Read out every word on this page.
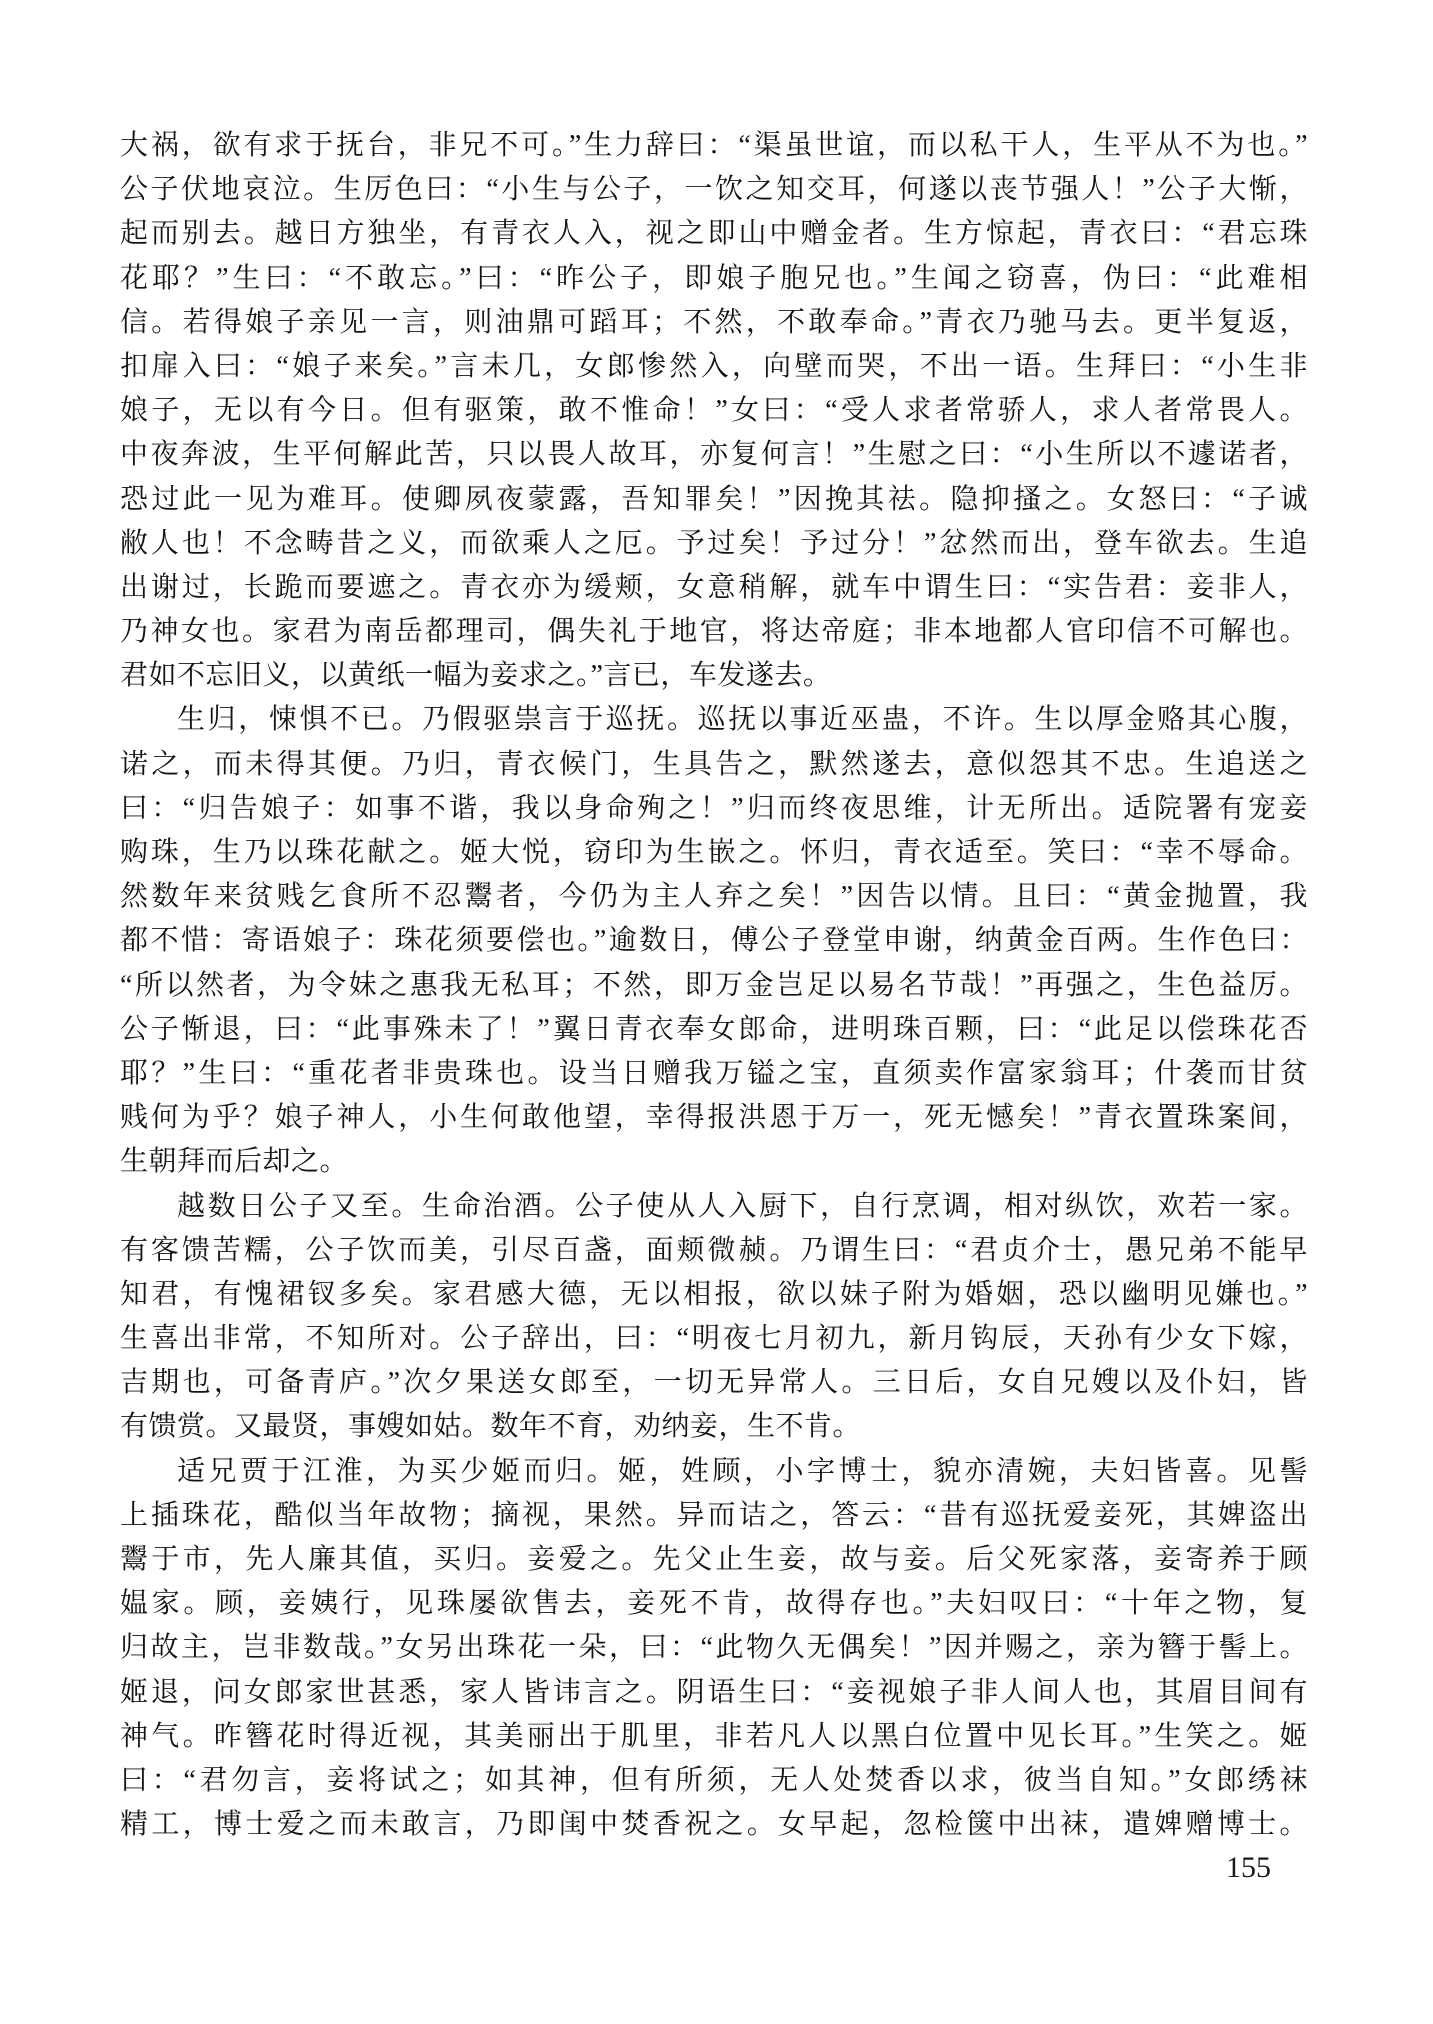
大祸，欲有求于抚台，非兄不可。”生力辞曰：“渠虽世谊，而以私干人，生平从不为也。”
公子伏地哀泣。生厉色曰：“小生与公子，一饮之知交耳，何遂以丧节强人！”公子大惭，
起而别去。越日方独坐，有青衣人入，视之即山中赠金者。生方惊起，青衣曰：“君忘珠
花耶？”生曰：“不敢忘。”曰：“昨公子，即娘子胞兄也。”生闻之窃喜，伪曰：“此难相
信。若得娘子亲见一言，则油鼎可蹈耳；不然，不敢奉命。”青衣乃驰马去。更半复返，
扣扉入曰：“娘子来矣。”言未几，女郎惨然入，向壁而哭，不出一语。生拜曰：“小生非
娘子，无以有今日。但有驱策，敢不惟命！”女曰：“受人求者常骄人，求人者常畏人。
中夜奔波，生平何解此苦，只以畏人故耳，亦复何言！”生慰之曰：“小生所以不遽诺者，
恐过此一见为难耳。使卿夙夜蒙露，吾知罪矣！”因挽其祛。隐抑搔之。女怒曰：“子诚
敝人也！不念畴昔之义，而欲乘人之厄。予过矣！予过分！”忿然而出，登车欲去。生追
出谢过，长跪而要遮之。青衣亦为缓颊，女意稍解，就车中谓生曰：“实告君：妾非人，
乃神女也。家君为南岳都理司，偶失礼于地官，将达帝庭；非本地都人官印信不可解也。
君如不忘旧义，以黄纸一幅为妾求之。”言已，车发遂去。
生归，悚惧不已。乃假驱祟言于巡抚。巡抚以事近巫蛊，不许。生以厚金赂其心腹，
诺之，而未得其便。乃归，青衣候门，生具告之，默然遂去，意似怨其不忠。生追送之
曰：“归告娘子：如事不谐，我以身命殉之！”归而终夜思维，计无所出。适院署有宠妾
购珠，生乃以珠花献之。姬大悦，窃印为生嵌之。怀归，青衣适至。笑曰：“幸不辱命。
然数年来贫贱乞食所不忍鬻者，今仍为主人弃之矣！”因告以情。且曰：“黄金抛置，我
都不惜：寄语娘子：珠花须要偿也。”逾数日，傅公子登堂申谢，纳黄金百两。生作色曰：
“所以然者，为令妹之惠我无私耳；不然，即万金岂足以易名节哉！”再强之，生色益厉。
公子惭退，曰：“此事殊未了！”翼日青衣奉女郎命，进明珠百颗，曰：“此足以偿珠花否
耶？”生曰：“重花者非贵珠也。设当日赠我万镒之宝，直须卖作富家翁耳；什袭而甘贫
贱何为乎？娘子神人，小生何敢他望，幸得报洪恩于万一，死无憾矣！”青衣置珠案间，
生朝拜而后却之。
越数日公子又至。生命治酒。公子使从人入厨下，自行烹调，相对纵饮，欢若一家。
有客馈苦糯，公子饮而美，引尽百盏，面颊微赪。乃谓生曰：“君贞介士，愚兄弟不能早
知君，有愧裙钗多矣。家君感大德，无以相报，欲以妹子附为婚姻，恐以幽明见嫌也。”
生喜出非常，不知所对。公子辞出，曰：“明夜七月初九，新月钩辰，天孙有少女下嫁，
吉期也，可备青庐。”次夕果送女郎至，一切无异常人。三日后，女自兄嫂以及仆妇，皆
有馈赏。又最贤，事嫂如姑。数年不育，劝纳妾，生不肯。
适兄贾于江淮，为买少姬而归。姬，姓顾，小字博士，貌亦清婉，夫妇皆喜。见髻
上插珠花，酷似当年故物；摘视，果然。异而诘之，答云：“昔有巡抚爱妾死，其婢盗出
鬻于市，先人廉其值，买归。妾爱之。先父止生妾，故与妾。后父死家落，妾寄养于顾
媪家。顾，妾姨行，见珠屡欲售去，妾死不肯，故得存也。”夫妇叹曰：“十年之物，复
归故主，岂非数哉。”女另出珠花一朵，曰：“此物久无偶矣！”因并赐之，亲为簪于髻上。
姬退，问女郎家世甚悉，家人皆讳言之。阴语生曰：“妾视娘子非人间人也，其眉目间有
神气。昨簪花时得近视，其美丽出于肌里，非若凡人以黑白位置中见长耳。”生笑之。姬
曰：“君勿言，妾将试之；如其神，但有所须，无人处焚香以求，彼当自知。”女郎绣袜
精工，博士爱之而未敢言，乃即闺中焚香祝之。女早起，忽检箧中出袜，遣婢赠博士。
155
